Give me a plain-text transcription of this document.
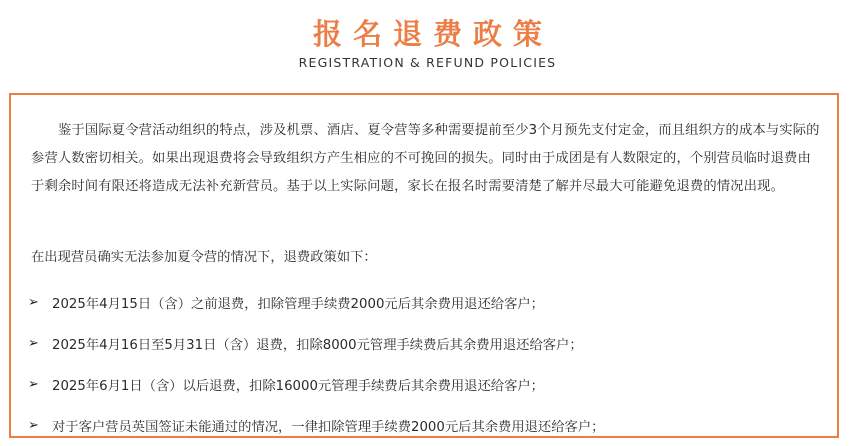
报名退费政策
REGISTRATION & REFUND POLICIES
鉴于国际夏令营活动组织的特点，涉及机票、酒店、夏令营等多种需要提前至少3个月预先支付定金，而且组织方的成本与实际的参营人数密切相关。如果出现退费将会导致组织方产生相应的不可挽回的损失。同时由于成团是有人数限定的，个别营员临时退费由于剩余时间有限还将造成无法补充新营员。基于以上实际问题，家长在报名时需要清楚了解并尽最大可能避免退费的情况出现。
在出现营员确实无法参加夏令营的情况下，退费政策如下：
➢ 2025年4月15日（含）之前退费，扣除管理手续费2000元后其余费用退还给客户；
➢ 2025年4月16日至5月31日（含）退费，扣除8000元管理手续费后其余费用退还给客户；
➢ 2025年6月1日（含）以后退费，扣除16000元管理手续费后其余费用退还给客户；
➢ 对于客户营员英国签证未能通过的情况，一律扣除管理手续费2000元后其余费用退还给客户；
